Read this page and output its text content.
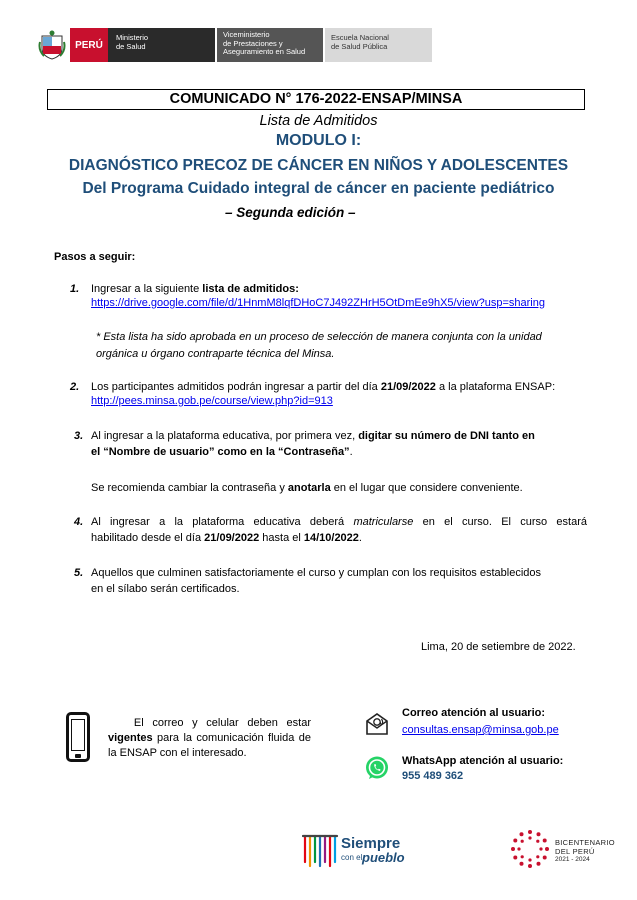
PERÚ
Ministerio
de Salud
Viceministerio
de Prestaciones y
Aseguramiento en Salud
Escuela Nacional
de Salud Pública
COMUNICADO N° 176-2022-ENSAP/MINSA
Lista de Admitidos
MODULO I:
DIAGNÓSTICO PRECOZ DE CÁNCER EN NIÑOS Y ADOLESCENTES
Del Programa Cuidado integral de cáncer en paciente pediátrico
– Segunda edición –
Pasos a seguir:
1. Ingresar a la siguiente lista de admitidos:
https://drive.google.com/file/d/1HnmM8lqfDHoC7J492ZHrH5OtDmEe9hX5/view?usp=sharing
* Esta lista ha sido aprobada en un proceso de selección de manera conjunta con la unidad
orgánica u órgano contraparte técnica del Minsa.
2. Los participantes admitidos podrán ingresar a partir del día 21/09/2022 a la plataforma ENSAP:
http://pees.minsa.gob.pe/course/view.php?id=913
3. Al ingresar a la plataforma educativa, por primera vez, digitar su número de DNI tanto en
el “Nombre de usuario” como en la “Contraseña”.
Se recomienda cambiar la contraseña y anotarla en el lugar que considere conveniente.
4. Al ingresar a la plataforma educativa deberá matricularse en el curso. El curso estará
habilitado desde el día 21/09/2022 hasta el 14/10/2022.
5. Aquellos que culminen satisfactoriamente el curso y cumplan con los requisitos establecidos
en el sílabo serán certificados.
Lima, 20 de setiembre de 2022.
El correo y celular deben estar vigentes para la comunicación fluida de la ENSAP con el interesado.
Correo atención al usuario:
consultas.ensap@minsa.gob.pe
WhatsApp atención al usuario:
955 489 362
Siempre
con el pueblo
BICENTENARIO
DEL PERÚ
2021 - 2024
